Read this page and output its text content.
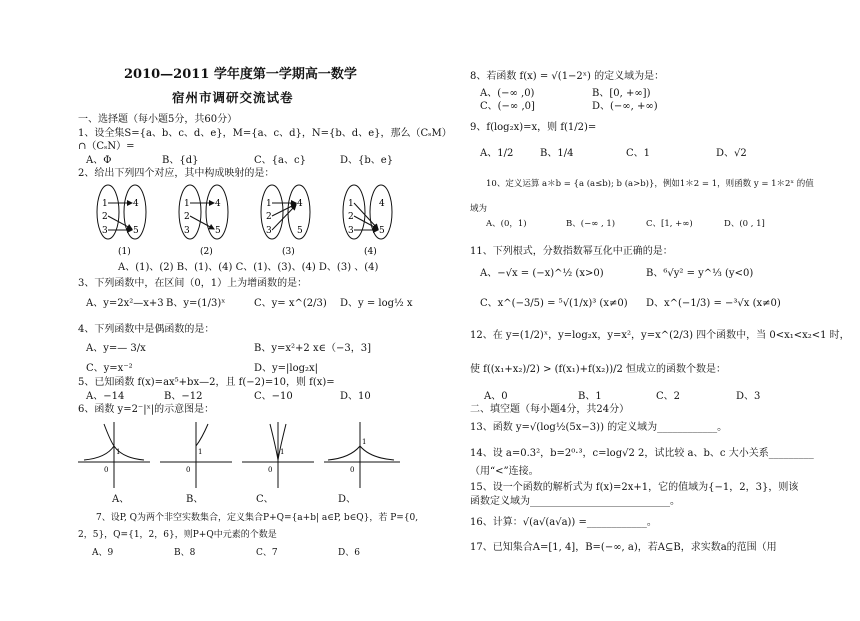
2010—2011 学年度第一学期高一数学
宿州市调研交流试卷
一、选择题（每小题5分，共60分）
1、设全集S={a、b、c、d、e}，M={a、c、d}，N={b、d、e}，那么（CₛM）
∩（CₛN）=
A、Φ	B、{d}	C、{a、c}	D、{b、e}
2、给出下列四个对应，其中构成映射的是：
1
2
3
4
5
(1)
1
2
3
4
5
(2)
1
2
3
4
5
(3)
1
2
3
4
5
(4)
A、(1)、(2) B、(1)、(4) C、(1)、(3)、(4) D、(3) 、(4)
3、下列函数中，在区间（0，1）上为增函数的是：
A、y=2x²—x+3 B、y=(1/3)ˣ	C、y= x^(2/3) D、y = log½ x
4、下列函数中是偶函数的是：
A、y=— 3/x	B、y=x²+2 x∈（−3，3]
C、y=x⁻²	D、y=|log₂x|
5、已知函数 f(x)=ax⁵+bx—2，且 f(−2)=10，则 f(x)=
A、−14	B、−12	C、−10	D、10
6、函数 y=2⁻|ˣ|的示意图是：
0
1
0
1
0
1
0
1
A、	B、	C、	D、
7、设P, Q为两个非空实数集合，定义集合P+Q={a+b| a∈P, b∈Q}，若 P={0,
2，5}，Q={1，2，6}，则P+Q中元素的个数是
A、9	B、8	C、7	D、6
8、若函数 f(x) = √(1−2ˣ) 的定义域为是：
A、(−∞ ,0)	B、[0, +∞])
C、(−∞ ,0]	D、(−∞, +∞)
9、f(log₂x)=x，则 f(1/2)=
A、1/2	B、1/4	C、1	D、√2
10、定义运算 a＊b = {a (a≤b); b (a>b)}，例如1＊2 = 1，则函数 y = 1＊2ˣ 的值
域为
A、(0，1)	B、(−∞ , 1)	C、[1, +∞)	D、(0 , 1]
11、下列根式，分数指数幂互化中正确的是：
A、−√x = (−x)^½ (x>0)	B、⁶√y² = y^⅓ (y<0)
C、x^(−3/5) = ⁵√(1/x)³ (x≠0) D、x^(−1/3) = −³√x (x≠0)
12、在 y=(1/2)ˣ，y=log₂x，y=x²，y=x^(2/3) 四个函数中，当 0<x₁<x₂<1 时，
使 f((x₁+x₂)/2) > (f(x₁)+f(x₂))/2 恒成立的函数个数是：
A、0	B、1	C、2	D、3
二、填空题（每小题4分，共24分）
13、函数 y=√(log½(5x−3)) 的定义域为____________。
14、设 a=0.3²，b=2⁰·³，c=log√2 2，试比较 a、b、c 大小关系_________
（用“<”连接。
15、设一个函数的解析式为 f(x)=2x+1，它的值域为{−1，2，3}，则该
函数定义域为____________________________。
16、计算：√(a√(a√a)) =____________。
17、已知集合A=[1, 4]，B=(−∞, a)，若A⊆B，求实数a的范围（用
